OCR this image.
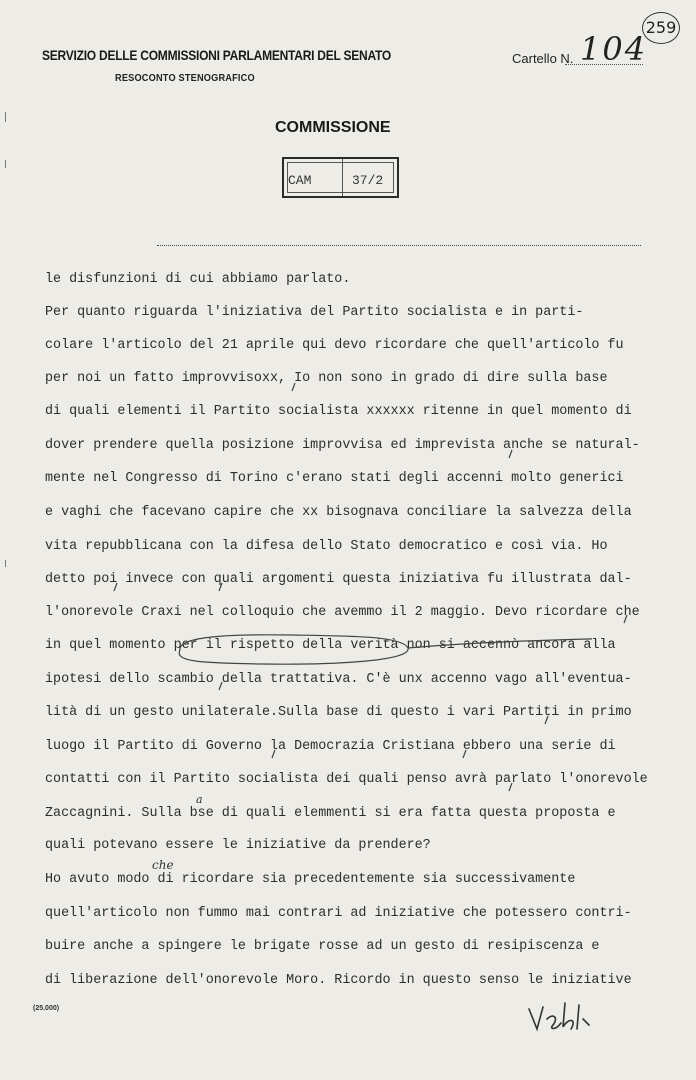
SERVIZIO DELLE COMMISSIONI PARLAMENTARI DEL SENATO
RESOCONTO STENOGRAFICO
Cartello N. 104
259
COMMISSIONE
CAM	37/2
le disfunzioni di cui abbiamo parlato.
Per quanto riguarda l'iniziativa del Partito socialista e in parti-
colare l'articolo del 21 aprile qui devo ricordare che quell'articolo fu
per noi un fatto improvvisoxx, Io non sono in grado di dire sulla base
di quali elementi il Partito socialista xxxxxx ritenne in quel momento di
dover prendere quella posizione improvvisa ed imprevista anche se natural-
mente nel Congresso di Torino c'erano stati degli accenni molto generici
e vaghi che facevano capire che xx bisognava conciliare la salvezza della
vita repubblicana con la difesa dello Stato democratico e così via. Ho
detto poi invece con quali argomenti questa iniziativa fu illustrata dal-
l'onorevole Craxi nel colloquio che avemmo il 2 maggio. Devo ricordare che
in quel momento per il rispetto della verità non si accennò ancora alla
ipotesi dello scambio della trattativa. C'è unx accenno vago all'eventua-
lità di un gesto unilaterale.Sulla base di questo i vari Partiti in primo
luogo il Partito di Governo la Democrazia Cristiana ebbero una serie di
contatti con il Partito socialista dei quali penso avrà parlato l'onorevole
Zaccagnini. Sulla bse di quali elemmenti si era fatta questa proposta e
quali potevano essere le iniziative da prendere?
Ho avuto modo di ricordare sia precedentemente sia successivamente
quell'articolo non fummo mai contrari ad iniziative che potessero contri-
buire anche a spingere le brigate rosse ad un gesto di resipiscenza e
di liberazione dell'onorevole Moro. Ricordo in questo senso le iniziative
che
a
(25.000)
